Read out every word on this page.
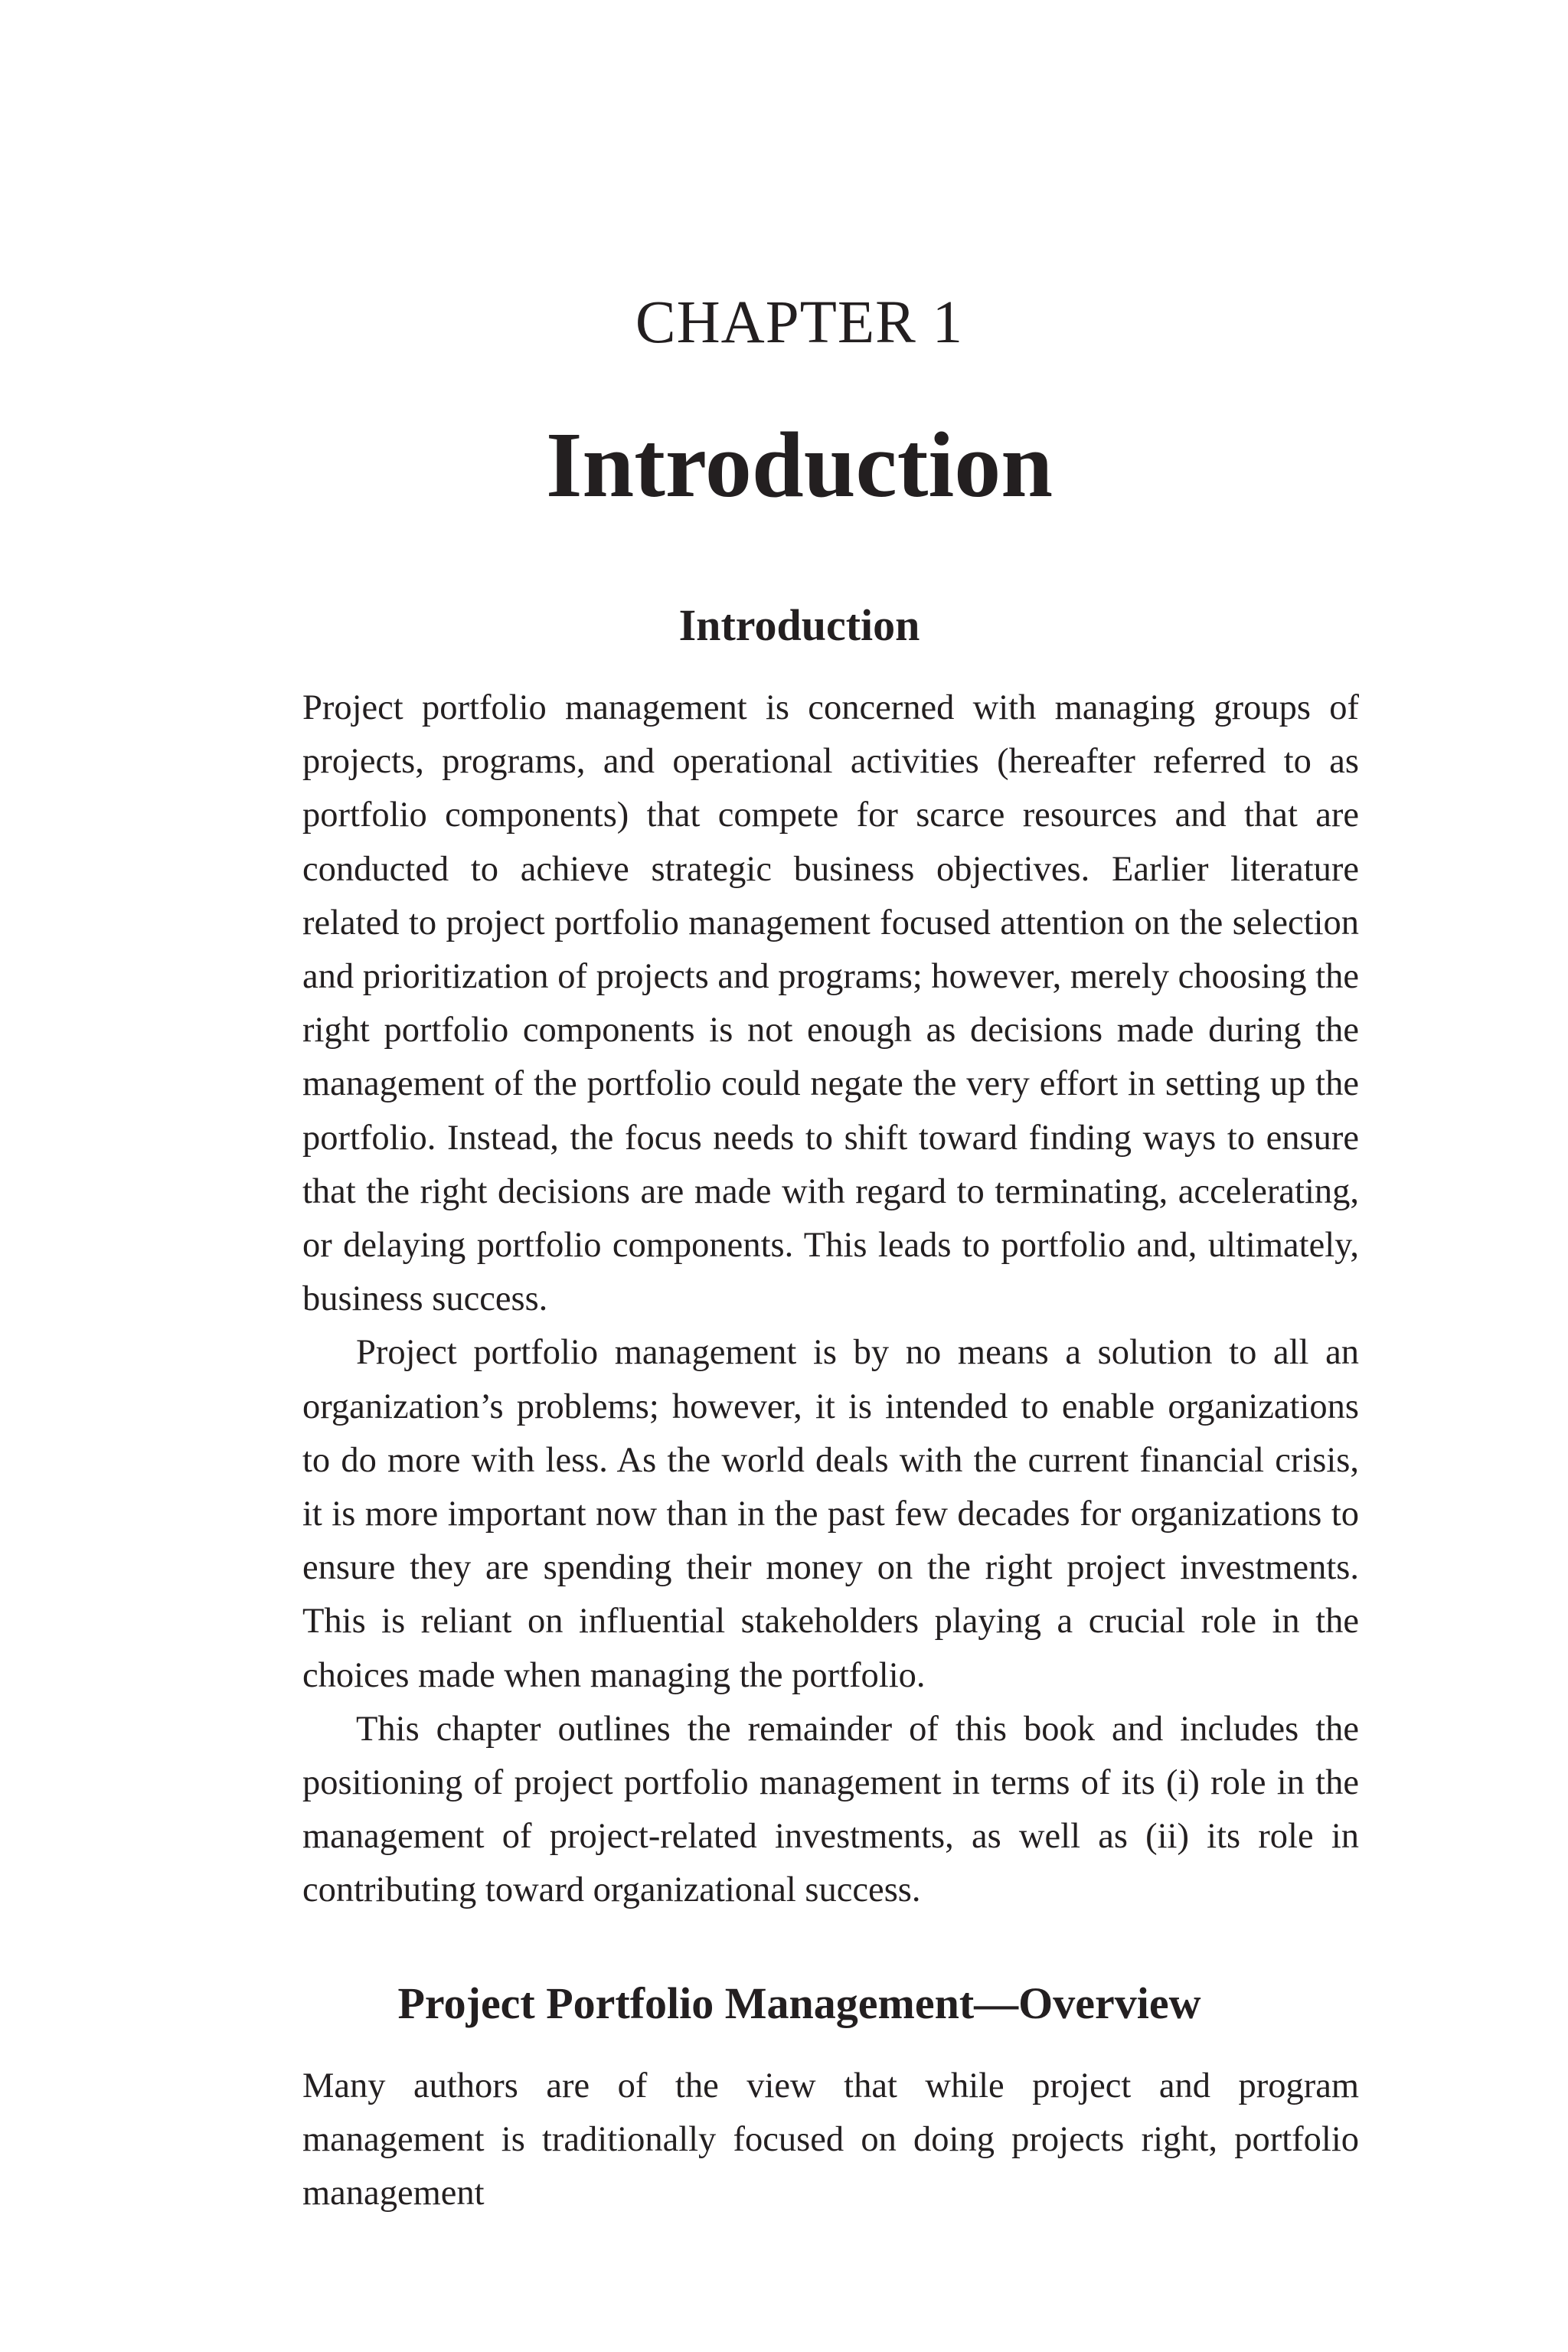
CHAPTER 1
Introduction
Introduction

Project portfolio management is concerned with managing groups of projects, programs, and operational activities (hereafter referred to as portfolio components) that compete for scarce resources and that are conducted to achieve strategic business objectives. Earlier literature related to project portfolio management focused attention on the selection and prioritization of projects and programs; however, merely choosing the right portfolio components is not enough as decisions made during the management of the portfolio could negate the very effort in setting up the portfolio. Instead, the focus needs to shift toward finding ways to ensure that the right decisions are made with regard to terminating, accelerating, or delaying portfolio components. This leads to portfolio and, ultimately, business success.

Project portfolio management is by no means a solution to all an organization’s problems; however, it is intended to enable organizations to do more with less. As the world deals with the current financial crisis, it is more important now than in the past few decades for organizations to ensure they are spending their money on the right project investments. This is reliant on influential stakeholders playing a crucial role in the choices made when managing the portfolio.

This chapter outlines the remainder of this book and includes the positioning of project portfolio management in terms of its (i) role in the management of project-related investments, as well as (ii) its role in contributing toward organizational success.

Project Portfolio Management—Overview

Many authors are of the view that while project and program management is traditionally focused on doing projects right, portfolio management
